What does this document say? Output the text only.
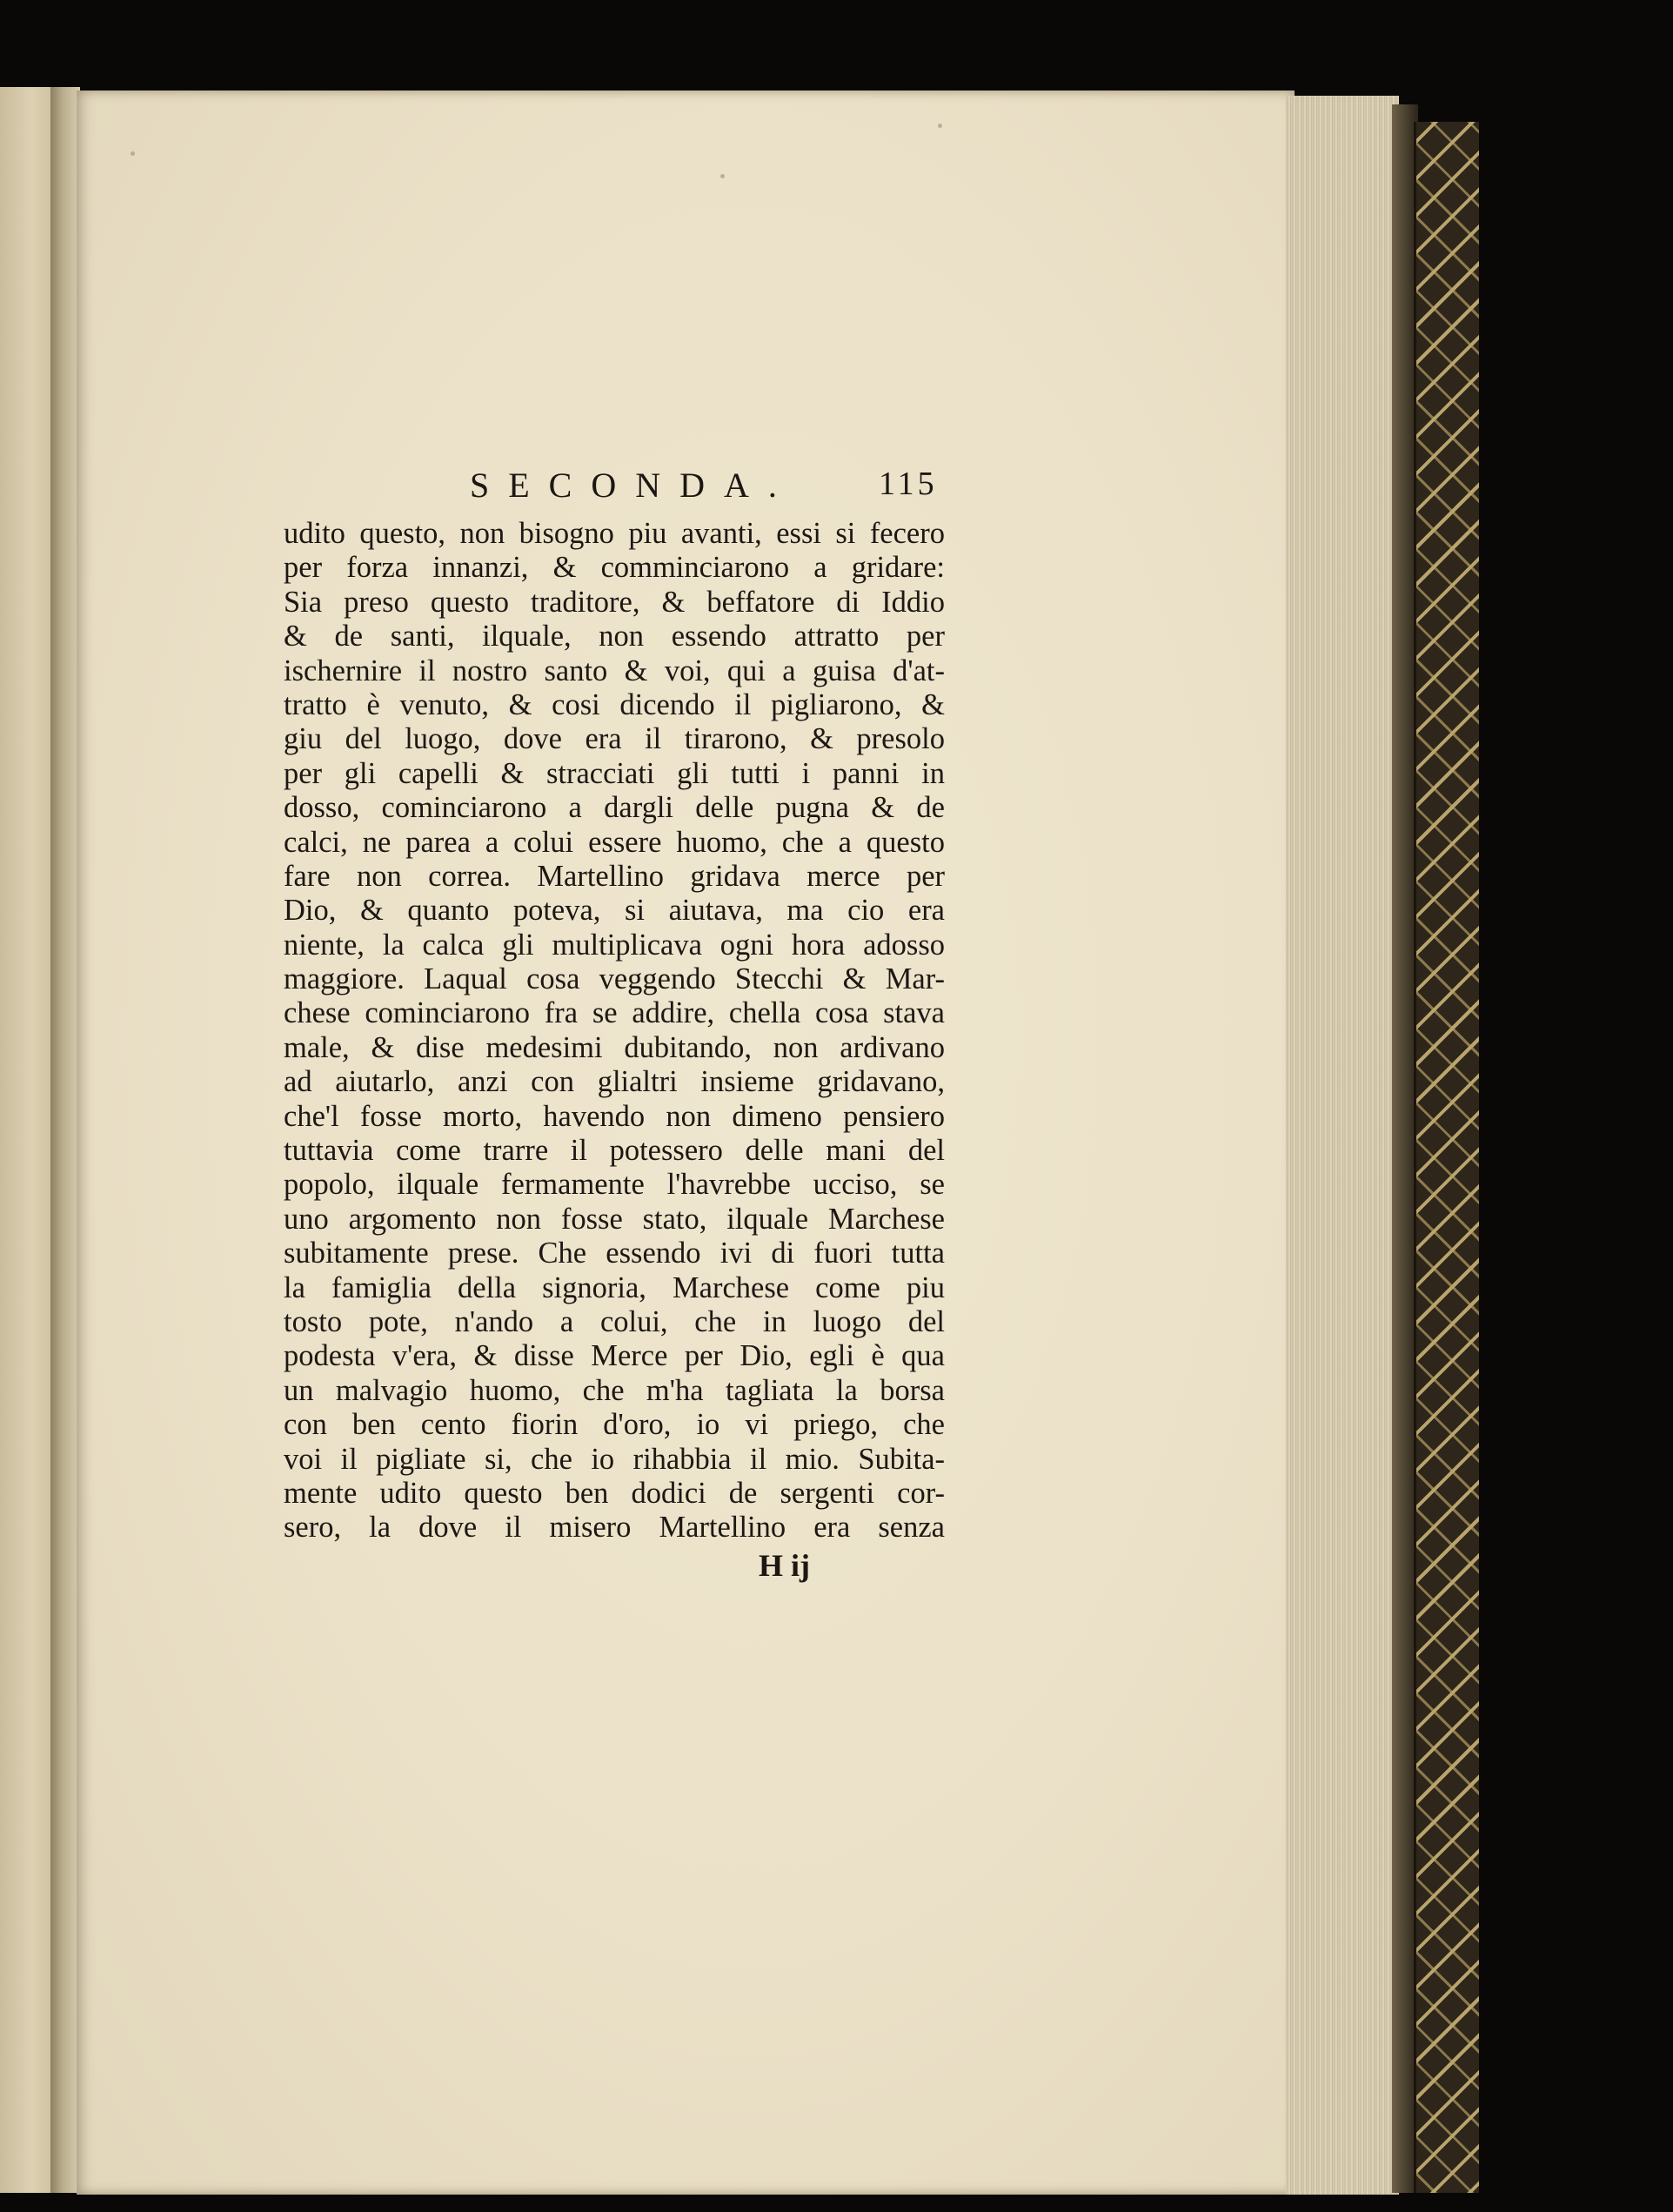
SECONDA.	115
udito questo, non bisogno piu avanti, essi si fecero
per forza innanzi, & comminciarono a gridare:
Sia preso questo traditore, & beffatore di Iddio
& de santi, ilquale, non essendo attratto per
ischernire il nostro santo & voi, qui a guisa d'at-
tratto è venuto, & cosi dicendo il pigliarono, &
giu del luogo, dove era il tirarono, & presolo
per gli capelli & stracciati gli tutti i panni in
dosso, cominciarono a dargli delle pugna & de
calci, ne parea a colui essere huomo, che a questo
fare non correa. Martellino gridava merce per
Dio, & quanto poteva, si aiutava, ma cio era
niente, la calca gli multiplicava ogni hora adosso
maggiore. Laqual cosa veggendo Stecchi & Mar-
chese cominciarono fra se addire, chella cosa stava
male, & dise medesimi dubitando, non ardivano
ad aiutarlo, anzi con glialtri insieme gridavano,
che'l fosse morto, havendo non dimeno pensiero
tuttavia come trarre il potessero delle mani del
popolo, ilquale fermamente l'havrebbe ucciso, se
uno argomento non fosse stato, ilquale Marchese
subitamente prese. Che essendo ivi di fuori tutta
la famiglia della signoria, Marchese come piu
tosto pote, n'ando a colui, che in luogo del
podesta v'era, & disse Merce per Dio, egli è qua
un malvagio huomo, che m'ha tagliata la borsa
con ben cento fiorin d'oro, io vi priego, che
voi il pigliate si, che io rihabbia il mio. Subita-
mente udito questo ben dodici de sergenti cor-
sero, la dove il misero Martellino era senza
H ij
